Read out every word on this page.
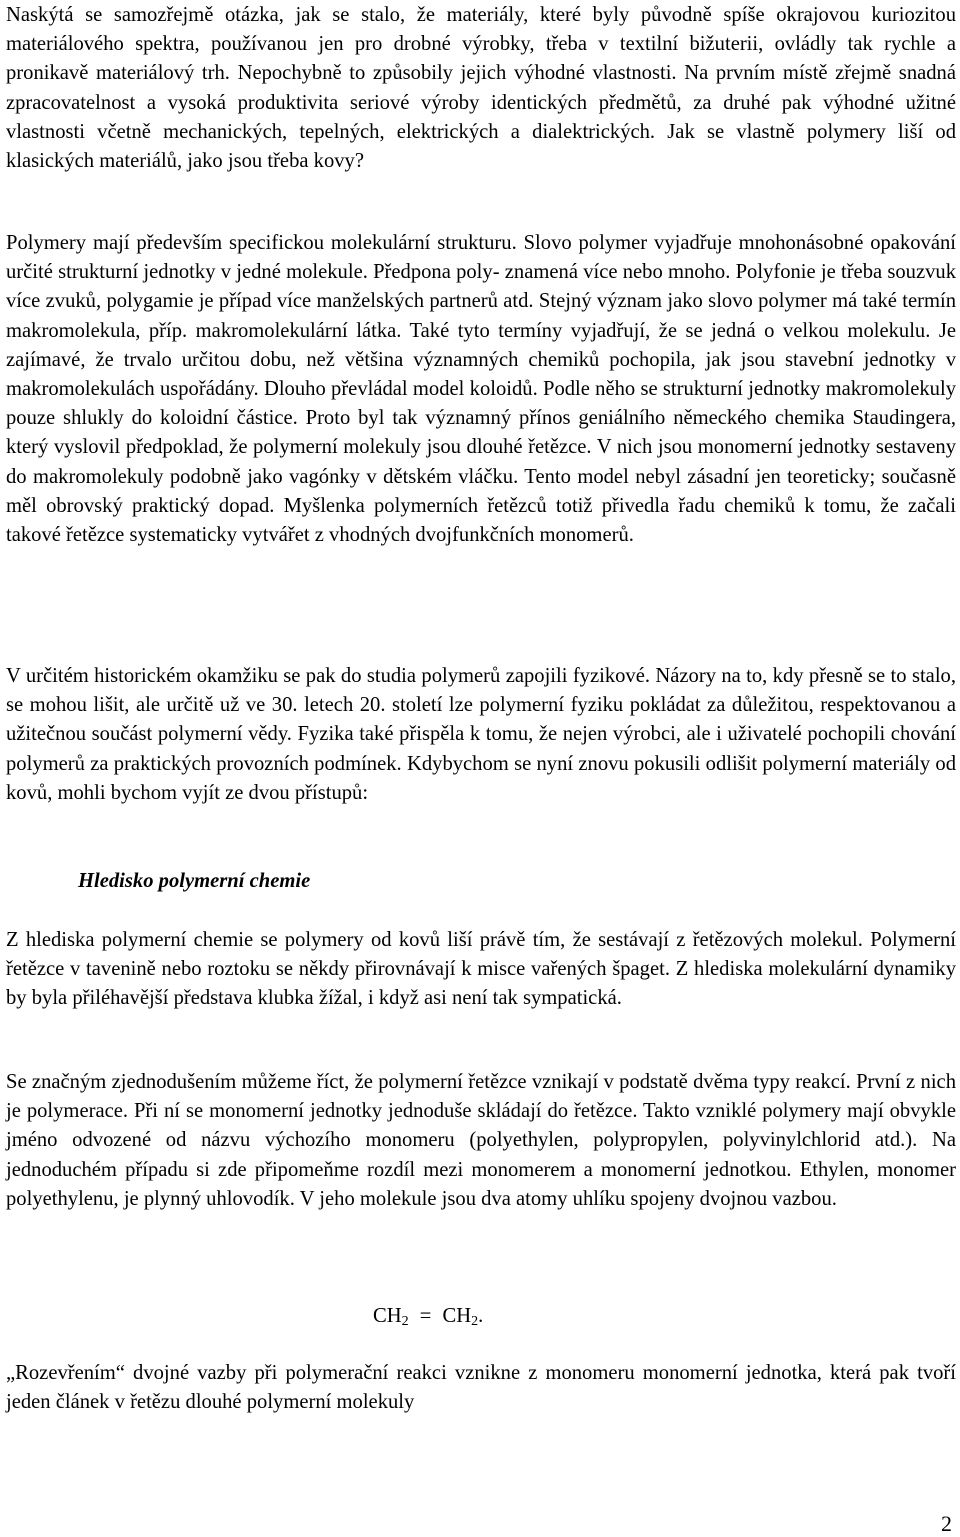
Naskýtá se samozřejmě otázka, jak se stalo, že materiály, které byly původně spíše okrajovou kuriozitou materiálového spektra, používanou jen pro drobné výrobky, třeba v textilní bižuterii, ovládly tak rychle a pronikavě materiálový trh. Nepochybně to způsobily jejich výhodné vlastnosti. Na prvním místě zřejmě snadná zpracovatelnost a vysoká produktivita seriové výroby identických předmětů, za druhé pak výhodné užitné vlastnosti včetně mechanických, tepelných, elektrických a dialektrických. Jak se vlastně polymery liší od klasických materiálů, jako jsou třeba kovy?

Polymery mají především specifickou molekulární strukturu. Slovo polymer vyjadřuje mnohonásobné opakování určité strukturní jednotky v jedné molekule. Předpona poly- znamená více nebo mnoho. Polyfonie je třeba souzvuk více zvuků, polygamie je případ více manželských partnerů atd. Stejný význam jako slovo polymer má také termín makromolekula, příp. makromolekulární látka. Také tyto termíny vyjadřují, že se jedná o velkou molekulu. Je zajímavé, že trvalo určitou dobu, než většina významných chemiků pochopila, jak jsou stavební jednotky v makromolekulách uspořádány. Dlouho převládal model koloidů. Podle něho se strukturní jednotky makromolekuly pouze shlukly do koloidní částice. Proto byl tak významný přínos geniálního německého chemika Staudingera, který vyslovil předpoklad, že polymerní molekuly jsou dlouhé řetězce. V nich jsou monomerní jednotky sestaveny do makromolekuly podobně jako vagónky v dětském vláčku. Tento model nebyl zásadní jen teoreticky; současně měl obrovský praktický dopad. Myšlenka polymerních řetězců totiž přivedla řadu chemiků k tomu, že začali takové řetězce systematicky vytvářet z vhodných dvojfunkčních monomerů.

V určitém historickém okamžiku se pak do studia polymerů zapojili fyzikové. Názory na to, kdy přesně se to stalo, se mohou lišit, ale určitě už ve 30. letech 20. století lze polymerní fyziku pokládat za důležitou, respektovanou a užitečnou součást polymerní vědy. Fyzika také přispěla k tomu, že nejen výrobci, ale i uživatelé pochopili chování polymerů za praktických provozních podmínek. Kdybychom se nyní znovu pokusili odlišit polymerní materiály od kovů, mohli bychom vyjít ze dvou přístupů:

Hledisko polymerní chemie

Z hlediska polymerní chemie se polymery od kovů liší právě tím, že sestávají z řetězových molekul. Polymerní řetězce v tavenině nebo roztoku se někdy přirovnávají k misce vařených špaget. Z hlediska molekulární dynamiky by byla přiléhavější představa klubka žížal, i když asi není tak sympatická.

Se značným zjednodušením můžeme říct, že polymerní řetězce vznikají v podstatě dvěma typy reakcí. První z nich je polymerace. Při ní se monomerní jednotky jednoduše skládají do řetězce. Takto vzniklé polymery mají obvykle jméno odvozené od názvu výchozího monomeru (polyethylen, polypropylen, polyvinylchlorid atd.). Na jednoduchém případu si zde připomeňme rozdíl mezi monomerem a monomerní jednotkou. Ethylen, monomer polyethylenu, je plynný uhlovodík. V jeho molekule jsou dva atomy uhlíku spojeny dvojnou vazbou.

$CH_2 = CH_2$.

„Rozevřením“ dvojné vazby při polymerační reakci vznikne z monomeru monomerní jednotka, která pak tvoří jeden článek v řetězu dlouhé polymerní molekuly

2
